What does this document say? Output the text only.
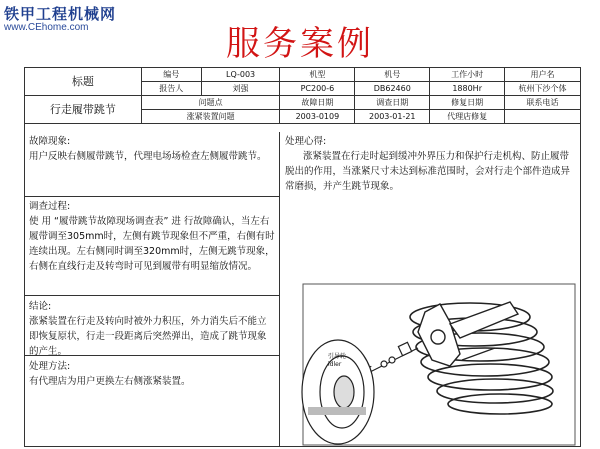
铁甲工程机械网
www.CEhome.com	服务案例
标题	编号	LQ-003	机型	机号	工作小时	用户名
	报告人	刘强	PC200-6	DB62460	1880Hr	杭州下沙个体
行走履带跳节	问题点		故障日期	调查日期	修复日期	联系电话
	涨紧装置问题		2003-0109	2003-01-21	代理店修复	
故障现象:
用户反映右侧履带跳节，代理电场场检查左侧履带跳节。
调查过程:
使 用 “履带跳节故障现场调查表” 进 行故障确认，当左右履带调至305mm时，左侧有跳节现象但不严重，右侧有时连续出现。左右侧同时调至320mm时，左侧无跳节现象，右侧在直线行走及转弯时可见到履带有明显缩放情况。
结论:
涨紧装置在行走及转向时被外力积压，外力消失后不能立即恢复原状，行走一段距离后突然弹出，造成了跳节现象的产生。
处理方法:
有代理店为用户更换左右侧涨紧装置。
处理心得:
涨紧装置在行走时起到缓冲外界压力和保护行走机构、防止履带脱出的作用，当涨紧尺寸未达到标准范围时，会对行走个部件造成异常磨损，并产生跳节现象。
ldler
引导轮
